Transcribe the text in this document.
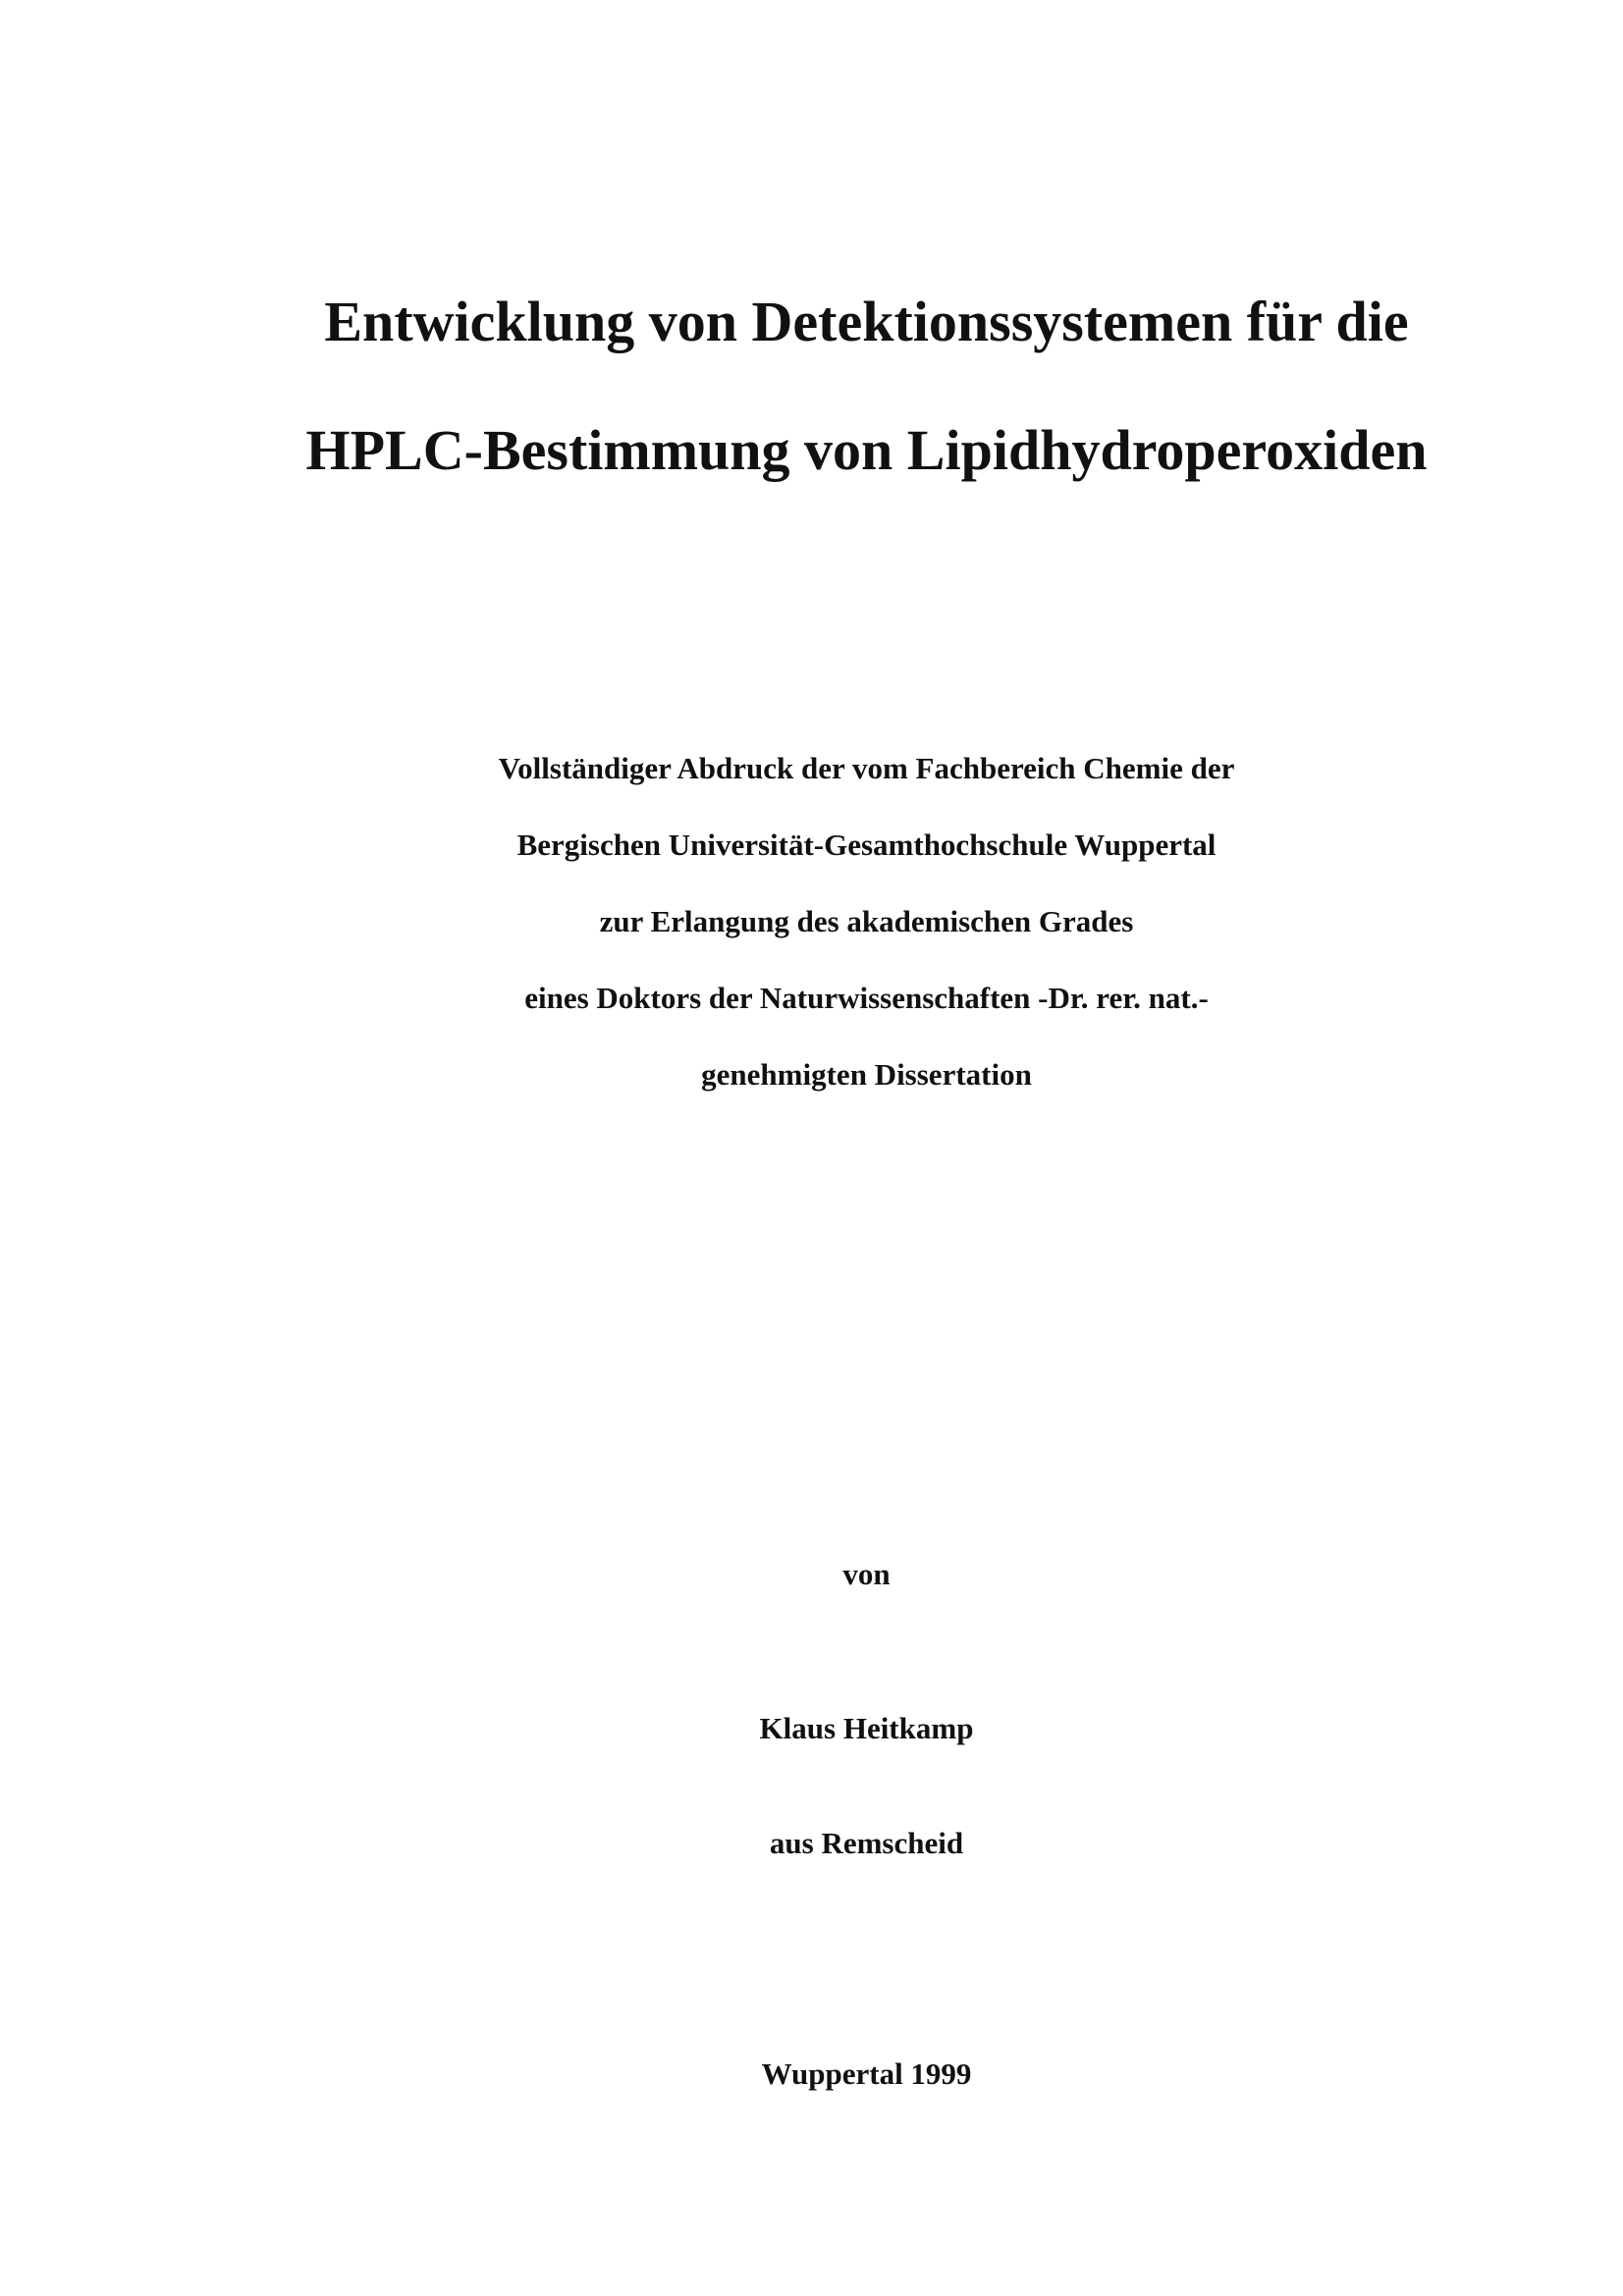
Entwicklung von Detektionssystemen für die
HPLC-Bestimmung von Lipidhydroperoxiden
Vollständiger Abdruck der vom Fachbereich Chemie der
Bergischen Universität-Gesamthochschule Wuppertal
zur Erlangung des akademischen Grades
eines Doktors der Naturwissenschaften -Dr. rer. nat.-
genehmigten Dissertation
von
Klaus Heitkamp
aus Remscheid
Wuppertal 1999
